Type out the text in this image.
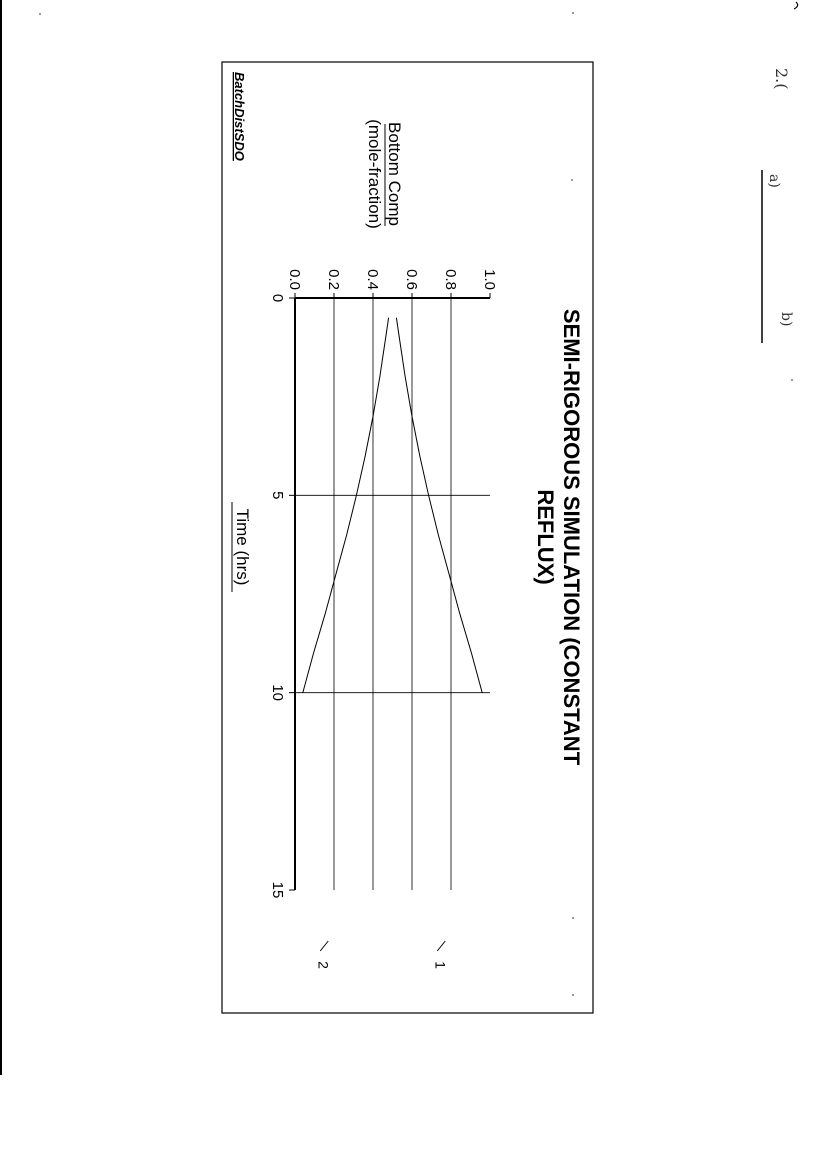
2.(
a)
b)
SEMI-RIGOROUS SIMULATION (CONSTANT
REFLUX)
Bottom Comp
(mole-fraction)
Time (hrs)
BatchDistSDO
0.0 0.2 0.4 0.6 0.8 1.0
0
5
10
15
1
2
